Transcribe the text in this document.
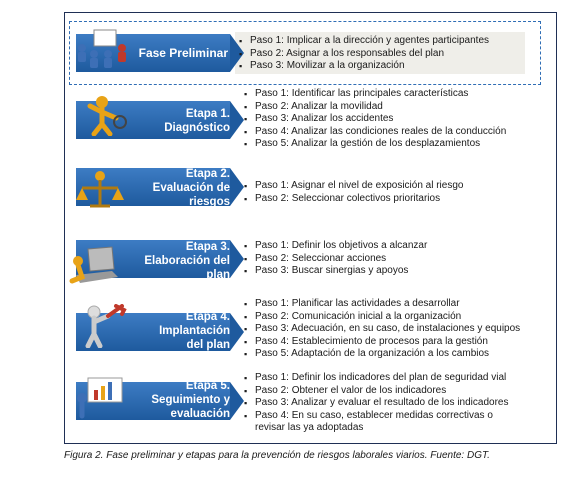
Fase Preliminar
▪ Paso 1: Implicar a la dirección y agentes participantes
▪ Paso 2: Asignar a los responsables del plan
▪ Paso 3: Movilizar a la organización
Etapa 1.
Diagnóstico
▪ Paso 1: Identificar las principales características
▪ Paso 2: Analizar la movilidad
▪ Paso 3: Analizar los accidentes
▪ Paso 4: Analizar las condiciones reales de la conducción
▪ Paso 5: Analizar la gestión de los desplazamientos
Etapa 2.
Evaluación de
riesgos
▪ Paso 1: Asignar el nivel de exposición al riesgo
▪ Paso 2: Seleccionar colectivos prioritarios
Etapa 3.
Elaboración del
plan
▪ Paso 1: Definir los objetivos a alcanzar
▪ Paso 2: Seleccionar acciones
▪ Paso 3: Buscar sinergias y apoyos
Etapa 4.
Implantación
del plan
▪ Paso 1: Planificar las actividades a desarrollar
▪ Paso 2: Comunicación inicial a la organización
▪ Paso 3: Adecuación, en su caso, de instalaciones y equipos
▪ Paso 4: Establecimiento de procesos para la gestión
▪ Paso 5: Adaptación de la organización a los cambios
Etapa 5.
Seguimiento y
evaluación
▪ Paso 1: Definir los indicadores del plan de seguridad vial
▪ Paso 2: Obtener el valor de los indicadores
▪ Paso 3: Analizar y evaluar el resultado de los indicadores
▪ Paso 4: En su caso, establecer medidas correctivas o
revisar las ya adoptadas
Figura 2. Fase preliminar y etapas para la prevención de riesgos laborales viarios. Fuente: DGT.
